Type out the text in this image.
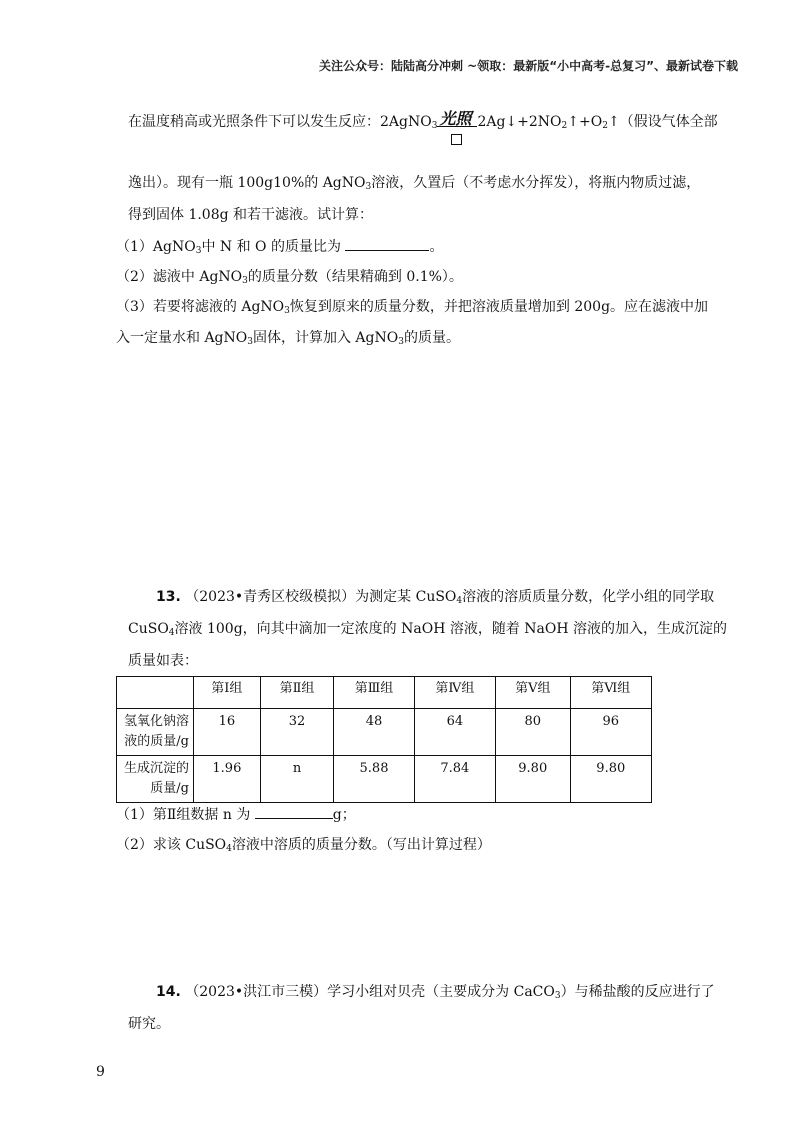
关注公众号：陆陆高分冲刺 ~领取：最新版“小中高考-总复习”、最新试卷下载
在温度稍高或光照条件下可以发生反应：2AgNO$_3$ 光照 $2Ag↓+2NO_2↑+O_2↑$（假设气体全部
逸出）。现有一瓶 100g10%的 AgNO$_3$溶液，久置后（不考虑水分挥发），将瓶内物质过滤，
得到固体 1.08g 和若干滤液。试计算：
（1）AgNO$_3$中 N 和 O 的质量比为	。
（2）滤液中 AgNO$_3$的质量分数（结果精确到 0.1%）。
（3）若要将滤液的 AgNO$_3$恢复到原来的质量分数，并把溶液质量增加到 200g。应在滤液中加
入一定量水和 AgNO$_3$固体，计算加入 AgNO$_3$的质量。
13. （2023•青秀区校级模拟）为测定某 CuSO$_4$溶液的溶质质量分数，化学小组的同学取
CuSO$_4$溶液 100g，向其中滴加一定浓度的 NaOH 溶液，随着 NaOH 溶液的加入，生成沉淀的
质量如表：
	第Ⅰ组	第Ⅱ组	第Ⅲ组	第Ⅳ组	第Ⅴ组	第Ⅵ组
氢氧化钠溶
液的质量/g	16	32	48	64	80	96
生成沉淀的
质量/g	1.96	n	5.88	7.84	9.80	9.80
（1）第Ⅱ组数据 n 为	g；
（2）求该 CuSO$_4$溶液中溶质的质量分数。（写出计算过程）
14. （2023•洪江市三模）学习小组对贝壳（主要成分为 CaCO$_3$）与稀盐酸的反应进行了
研究。
9
